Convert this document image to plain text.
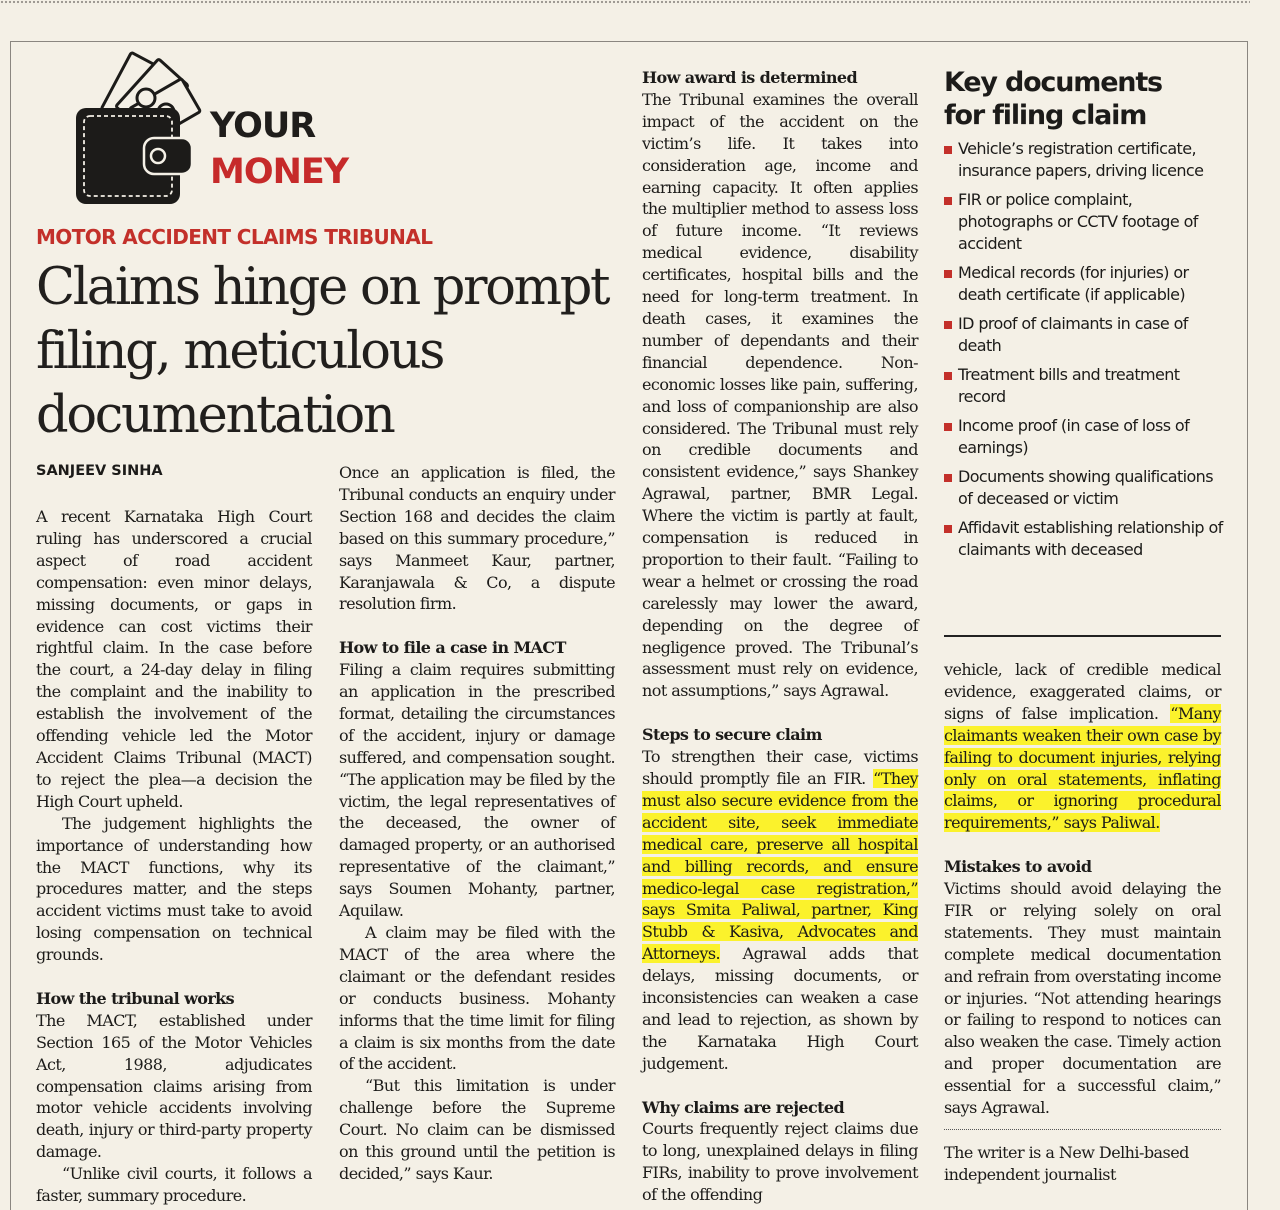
YOUR
MONEY
MOTOR ACCIDENT CLAIMS TRIBUNAL
Claims hinge on prompt
filing, meticulous
documentation
SANJEEV SINHA

A recent Karnataka High Court ruling has underscored a crucial aspect of road accident compensation: even minor delays, missing documents, or gaps in evidence can cost victims their rightful claim. In the case before the court, a 24-day delay in filing the complaint and the inability to establish the involvement of the offending vehicle led the Motor Accident Claims Tribunal (MACT) to reject the plea—a decision the High Court upheld.

The judgement highlights the importance of understanding how the MACT functions, why its procedures matter, and the steps accident victims must take to avoid losing compensation on technical grounds.

How the tribunal works

The MACT, established under Section 165 of the Motor Vehicles Act, 1988, adjudicates compensation claims arising from motor vehicle accidents involving death, injury or third-party property damage.

“Unlike civil courts, it follows a faster, summary procedure.

Once an application is filed, the Tribunal conducts an enquiry under Section 168 and decides the claim based on this summary procedure,” says Manmeet Kaur, partner, Karanjawala & Co, a dispute resolution firm.

How to file a case in MACT

Filing a claim requires submitting an application in the prescribed format, detailing the circumstances of the accident, injury or damage suffered, and compensation sought. “The application may be filed by the victim, the legal representatives of the deceased, the owner of damaged property, or an authorised representative of the claimant,” says Soumen Mohanty, partner, Aquilaw.

A claim may be filed with the MACT of the area where the claimant or the defendant resides or conducts business. Mohanty informs that the time limit for filing a claim is six months from the date of the accident.

“But this limitation is under challenge before the Supreme Court. No claim can be dismissed on this ground until the petition is decided,” says Kaur.

How award is determined

The Tribunal examines the overall impact of the accident on the victim’s life. It takes into consideration age, income and earning capacity. It often applies the multiplier method to assess loss of future income. “It reviews medical evidence, disability certificates, hospital bills and the need for long-term treatment. In death cases, it examines the number of dependants and their financial dependence. Non-economic losses like pain, suffering, and loss of companionship are also considered. The Tribunal must rely on credible documents and consistent evidence,” says Shankey Agrawal, partner, BMR Legal. Where the victim is partly at fault, compensation is reduced in proportion to their fault. “Failing to wear a helmet or crossing the road carelessly may lower the award, depending on the degree of negligence proved. The Tribunal’s assessment must rely on evidence, not assumptions,” says Agrawal.

Steps to secure claim

To strengthen their case, victims should promptly file an FIR. “They must also secure evidence from the accident site, seek immediate medical care, preserve all hospital and billing records, and ensure medico-legal case registration,” says Smita Paliwal, partner, King Stubb & Kasiva, Advocates and Attorneys. Agrawal adds that delays, missing documents, or inconsistencies can weaken a case and lead to rejection, as shown by the Karnataka High Court judgement.

Why claims are rejected

Courts frequently reject claims due to long, unexplained delays in filing FIRs, inability to prove involvement of the offending

Key documents
for filing claim
Vehicle’s registration certificate, insurance papers, driving licence
FIR or police complaint, photographs or CCTV footage of accident
Medical records (for injuries) or death certificate (if applicable)
ID proof of claimants in case of death
Treatment bills and treatment record
Income proof (in case of loss of earnings)
Documents showing qualifications of deceased or victim
Affidavit establishing relationship of claimants with deceased

vehicle, lack of credible medical evidence, exaggerated claims, or signs of false implication. “Many claimants weaken their own case by failing to document injuries, relying only on oral statements, inflating claims, or ignoring procedural requirements,” says Paliwal.

Mistakes to avoid

Victims should avoid delaying the FIR or relying solely on oral statements. They must maintain complete medical documentation and refrain from overstating income or injuries. “Not attending hearings or failing to respond to notices can also weaken the case. Timely action and proper documentation are essential for a successful claim,” says Agrawal.

The writer is a New Delhi-based independent journalist
